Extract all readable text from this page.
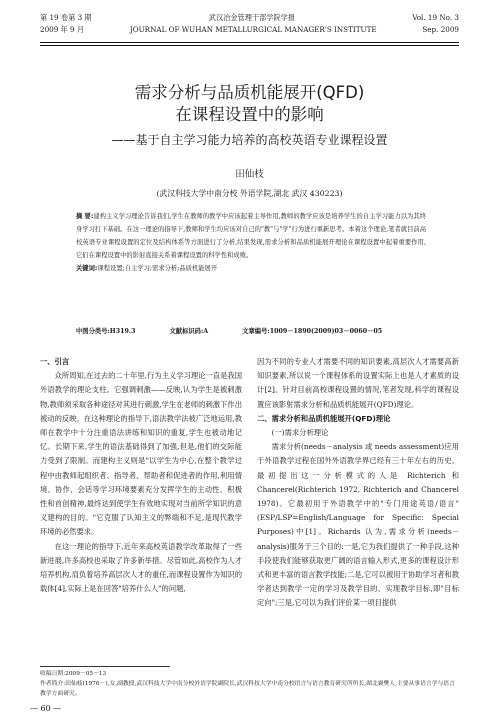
第 19 卷第 3 期	武汉冶金管理干部学院学报	Vol. 19 No. 3
2009 年 9 月	JOURNAL OF WUHAN METALLURGICAL MANAGER'S INSTITUTE	Sep. 2009
需求分析与品质机能展开(QFD)
在课程设置中的影响
——基于自主学习能力培养的高校英语专业课程设置
田仙枝
(武汉科技大学中南分校 外语学院,湖北 武汉 430223)
摘 要:建构主义学习理论告诉我们,学生在教师的教学中应该起着主导作用,教师的教学应该是培养学生的自主学习能力以为其终身学习打下基础。在这一理论的指导下,教师和学生均应该对自己的"教"与"学"行为进行重新思考。本着这个理论,笔者就目前高校英语专业课程设置的定位及结构体系等方面进行了分析,结果发现,需求分析和品质机能展开理论在课程设置中起着重要作用,它们在课程设置中的影射直接关系着课程设置的科学性和成败。
关键词:课程设置;自主学习;需求分析;品质机能展开
中图分类号:H319.3	文献标识码:A	文章编号:1009－1890(2009)03－0060－05

一、引言

众所周知,在过去的二十年里,行为主义学习理论一直是我国外语教学的理论支柱。它强调刺激——反映,认为学生是被刺激物,教师须采取各种途径对其进行刺激,学生在老师的刺激下作出被动的反映。在这种理论的指导下,语法教学法被广泛地运用,教师在教学中十分注重语法讲练和知识的重复,学生也被动地记忆。长期下来,学生的语法基础得到了加强,但是,他们的交际能力受到了限制。而建构主义则是"以学生为中心,在整个教学过程中由教师起组织者、指导者、帮助者和促进者的作用,利用情境、协作、会话等学习环境要素充分发挥学生的主动性、积极性和首创精神,最终达到使学生有效地实现对当前所学知识的意义建构的目的。"它克服了认知主义的弊端和不足,是现代教学环境的必然要求。

在这一理论的指导下,近年来高校英语教学改革取得了一些新进展,许多高校也采取了许多新举措。尽管如此,高校作为人才培养机构,肩负着培养高层次人才的重任,而课程设置作为知识的载体[4],实际上是在回答"培养什么人"的问题,

因为不同的专业人才需要不同的知识要素,高层次人才需要高新知识要素,所以说一个课程体系的设置实际上也是人才素质的设计[2]。针对目前高校课程设置的情况,笔者发现,科学的课程设置应该影射需求分析和品质机能展开(QFD)理论。

二、需求分析和品质机能展开(QFD)理论

(一)需求分析理论

需求分析(needs－analysis 或 needs assessment)应用于外语教学过程在国外外语教学界已经有三十年左右的历史。最初提出这一分析模式的人是 Richterich 和 Chancerel(Richterich 1972, Richterich and Chancerel 1978)。它最初用于外语教学中的"专门用途英语/语言"(ESP/LSP=English/Language for Specific: Special Purposes)中[1]。Richards 认为,需求分析(needs－analysis)服务于三个目的:一是,它为我们提供了一种手段,这种手段使我们能够获取更广阔的语言输入形式,更多的课程设计形式和更丰富的语言教学技能;二是,它可以被用于协助学习者和教学者达到教学一定的学习及教学目的、实现教学目标,即"目标定向";三是,它可以为我们评价某一项目提供

收稿日期:2009－05－13
作者简介:田仙枝(1976－),女,副教授,武汉科技大学中南分校外语学院副院长,武汉科技大学中南分校语言与语言教育研究所所长,湖北襄樊人,主要从事语言学与语言教学方面研究。
— 60 —
